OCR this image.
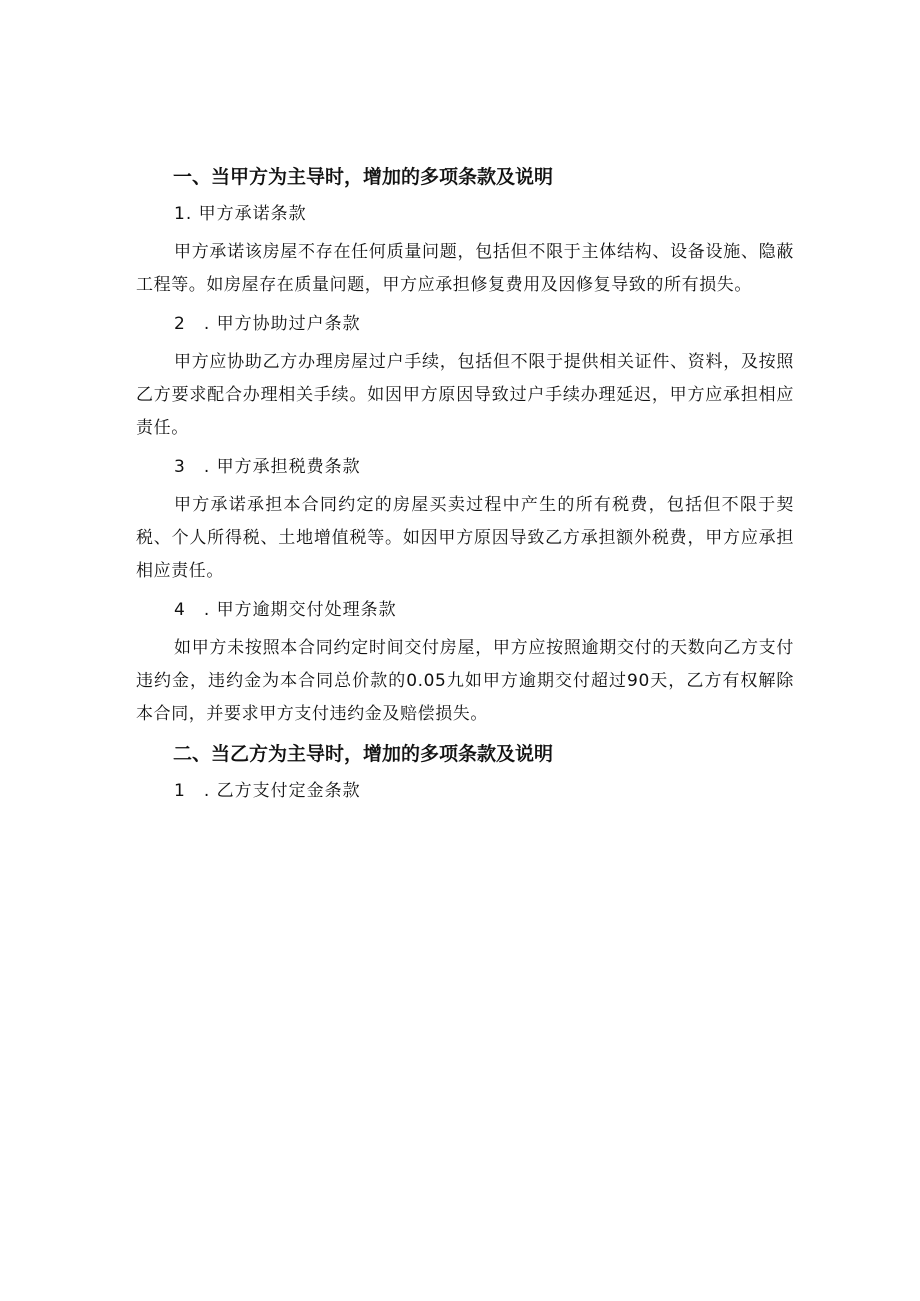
一、当甲方为主导时，增加的多项条款及说明

1. 甲方承诺条款

甲方承诺该房屋不存在任何质量问题，包括但不限于主体结构、设备设施、隐蔽工程等。如房屋存在质量问题，甲方应承担修复费用及因修复导致的所有损失。

2　. 甲方协助过户条款

甲方应协助乙方办理房屋过户手续，包括但不限于提供相关证件、资料，及按照乙方要求配合办理相关手续。如因甲方原因导致过户手续办理延迟，甲方应承担相应责任。

3　. 甲方承担税费条款

甲方承诺承担本合同约定的房屋买卖过程中产生的所有税费，包括但不限于契税、个人所得税、土地增值税等。如因甲方原因导致乙方承担额外税费，甲方应承担相应责任。

4　. 甲方逾期交付处理条款

如甲方未按照本合同约定时间交付房屋，甲方应按照逾期交付的天数向乙方支付违约金，违约金为本合同总价款的0.05九如甲方逾期交付超过90天，乙方有权解除本合同，并要求甲方支付违约金及赔偿损失。

二、当乙方为主导时，增加的多项条款及说明

1　. 乙方支付定金条款
